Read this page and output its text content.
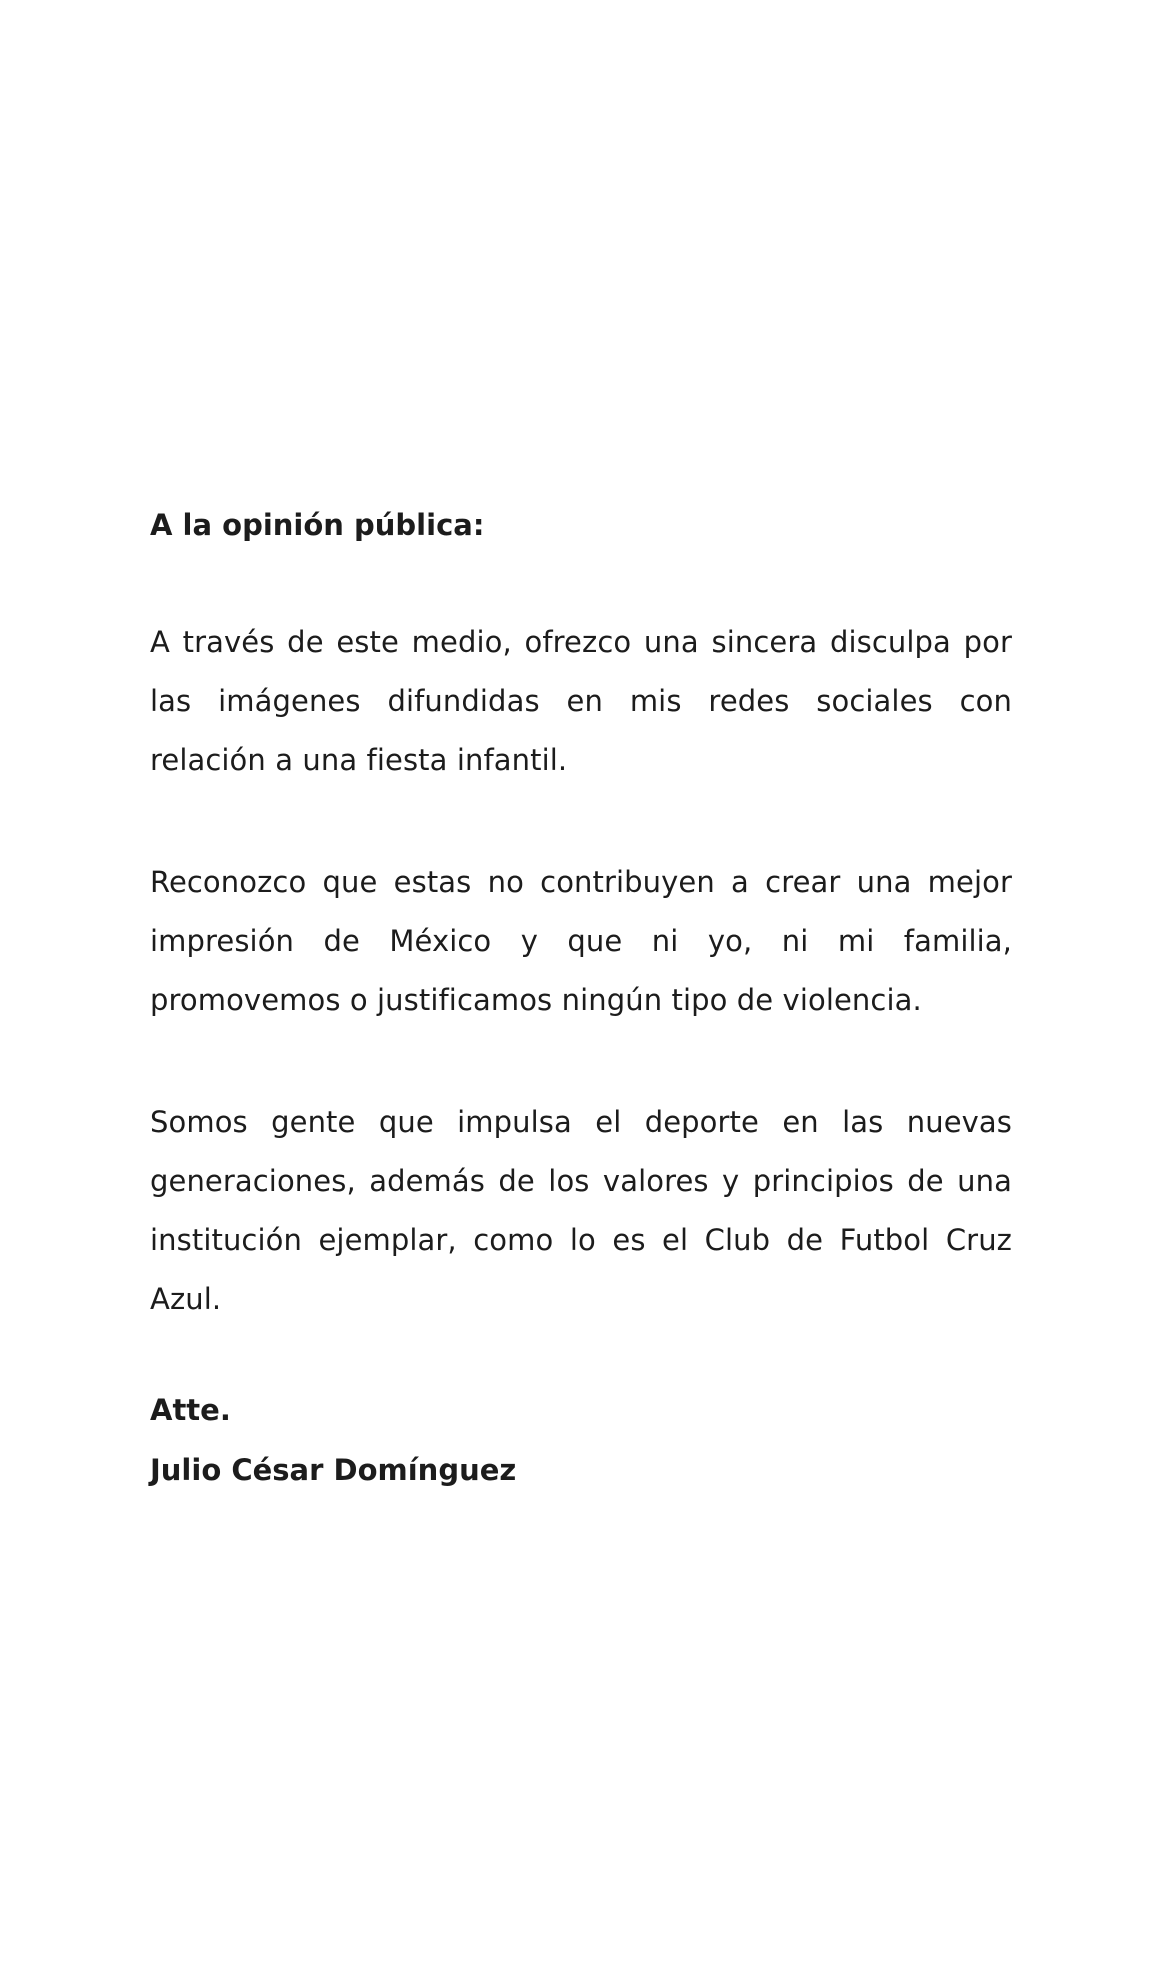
A la opinión pública:

A través de este medio, ofrezco una sincera disculpa por las imágenes difundidas en mis redes sociales con relación a una fiesta infantil.

Reconozco que estas no contribuyen a crear una mejor impresión de México y que ni yo, ni mi familia, promovemos o justificamos ningún tipo de violencia.

Somos gente que impulsa el deporte en las nuevas generaciones, además de los valores y principios de una institución ejemplar, como lo es el Club de Futbol Cruz Azul.

Atte.

Julio César Domínguez
